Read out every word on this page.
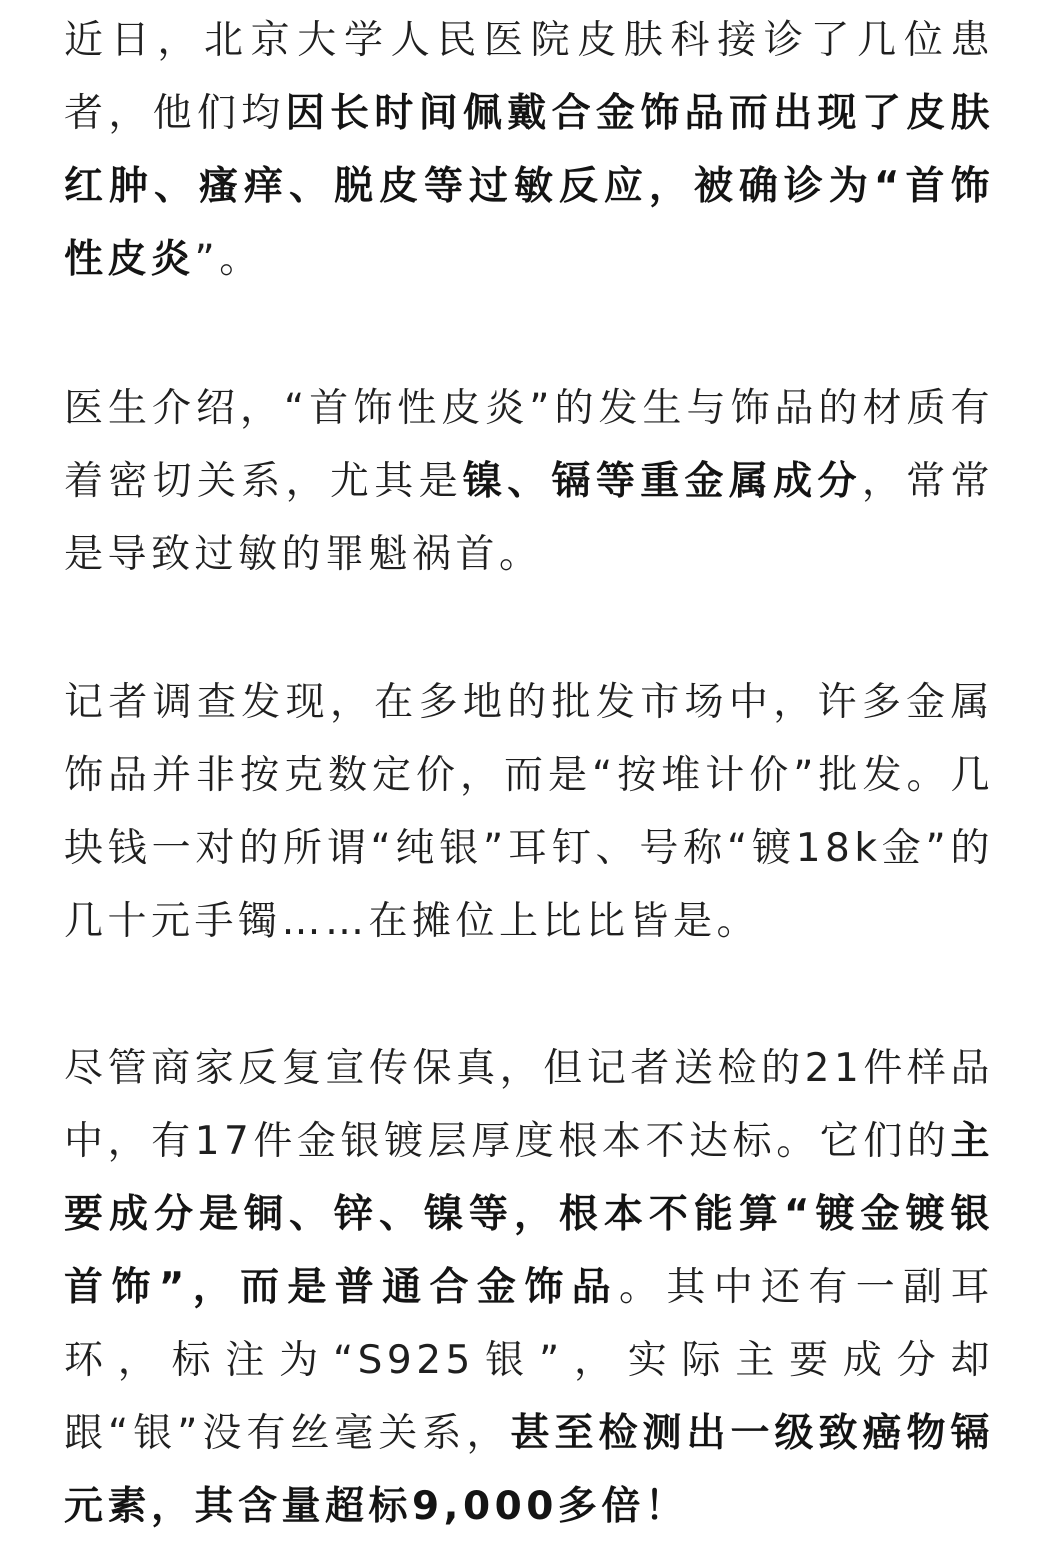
近日，北京大学人民医院皮肤科接诊了几位患者，他们均因长时间佩戴合金饰品而出现了皮肤红肿、瘙痒、脱皮等过敏反应，被确诊为“首饰性皮炎”。

医生介绍，“首饰性皮炎”的发生与饰品的材质有着密切关系，尤其是镍、镉等重金属成分，常常是导致过敏的罪魁祸首。

记者调查发现，在多地的批发市场中，许多金属饰品并非按克数定价，而是“按堆计价”批发。几块钱一对的所谓“纯银”耳钉、号称“镀18k金”的几十元手镯……在摊位上比比皆是。

尽管商家反复宣传保真，但记者送检的21件样品中，有17件金银镀层厚度根本不达标。它们的主要成分是铜、锌、镍等，根本不能算“镀金镀银首饰”，而是普通合金饰品。其中还有一副耳环，标注为“S925银”，实际主要成分却跟“银”没有丝毫关系，甚至检测出一级致癌物镉元素，其含量超标9,000多倍！
